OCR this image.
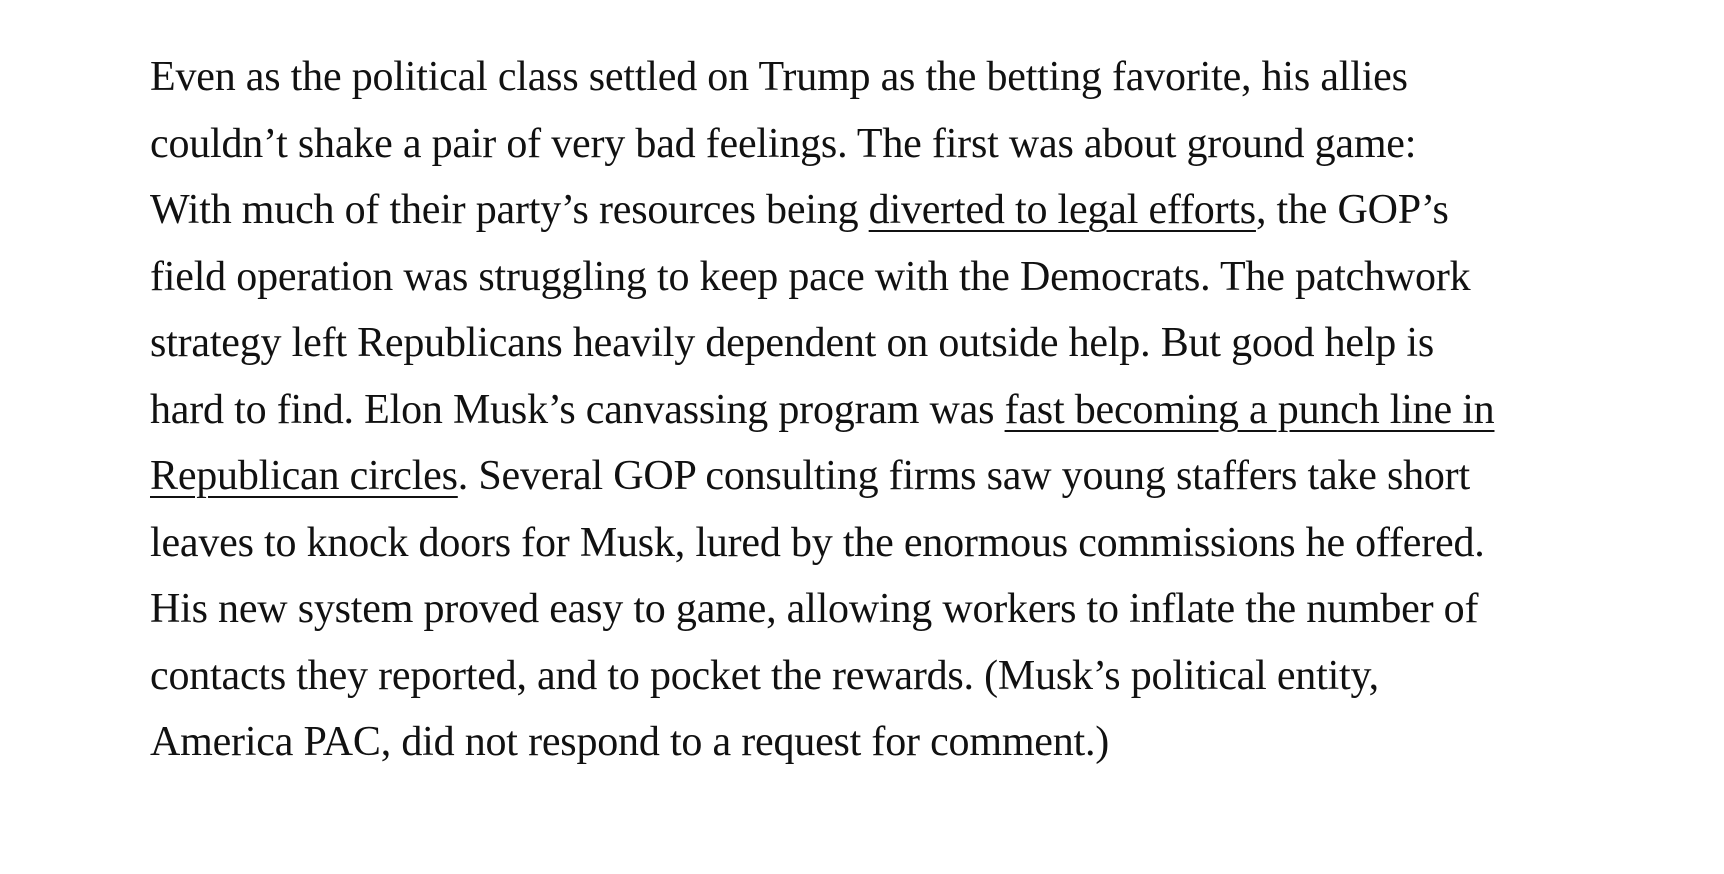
Even as the political class settled on Trump as the betting favorite, his allies couldn’t shake a pair of very bad feelings. The first was about ground game: With much of their party’s resources being diverted to legal efforts, the GOP’s field operation was struggling to keep pace with the Democrats. The patchwork strategy left Republicans heavily dependent on outside help. But good help is hard to find. Elon Musk’s canvassing program was fast becoming a punch line in Republican circles. Several GOP consulting firms saw young staffers take short leaves to knock doors for Musk, lured by the enormous commissions he offered. His new system proved easy to game, allowing workers to inflate the number of contacts they reported, and to pocket the rewards. (Musk’s political entity, America PAC, did not respond to a request for comment.)
